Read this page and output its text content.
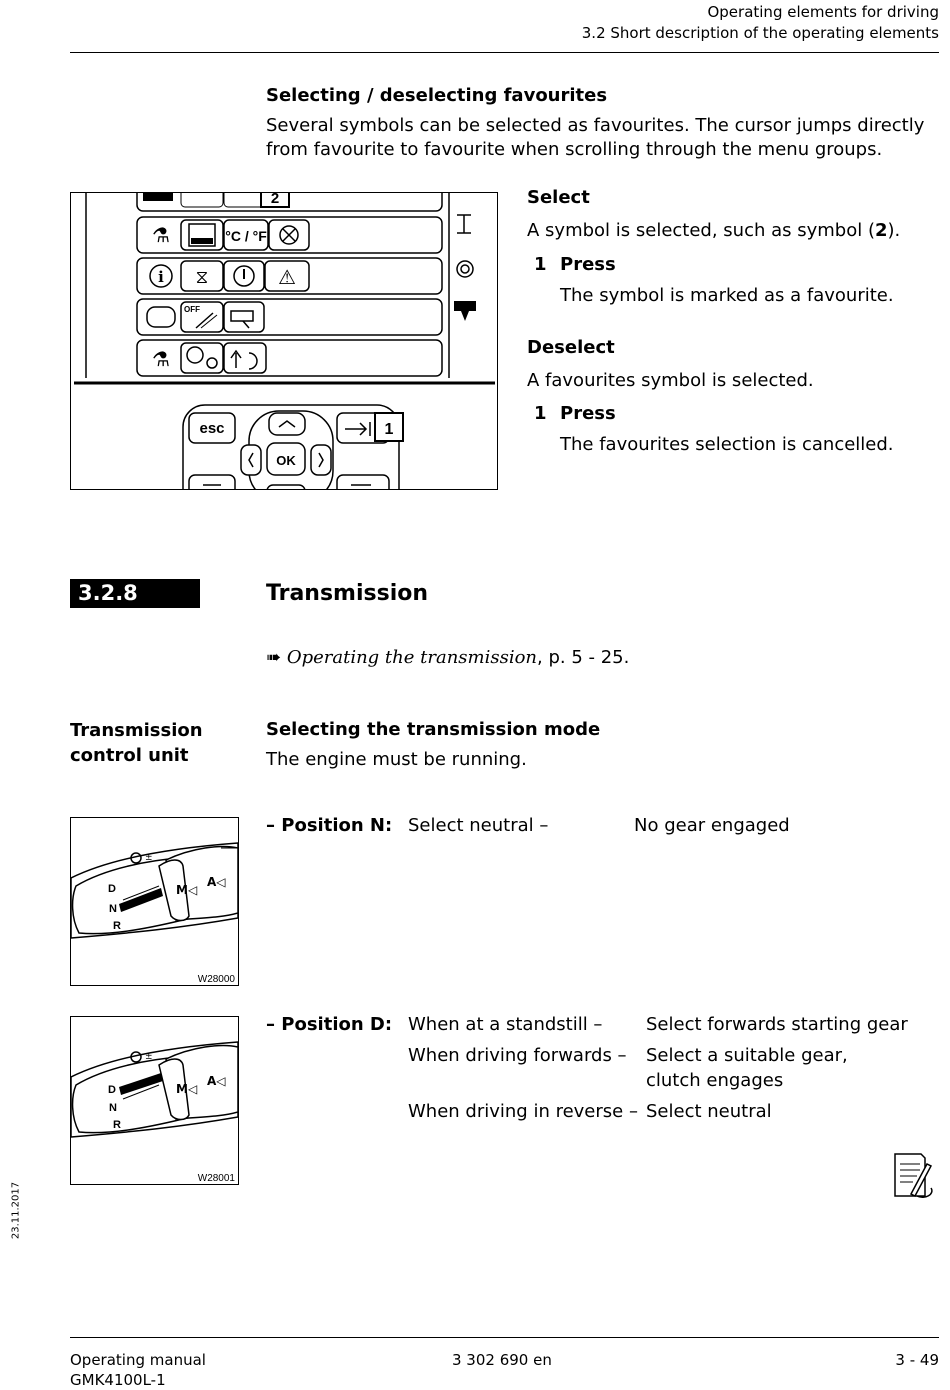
Operating elements for driving
3.2 Short description of the operating elements
Selecting / deselecting favourites
Several symbols can be selected as favourites. The cursor jumps directly from favourite to favourite when scrolling through the menu groups.
2
⚗	°C / °F
i ⧖	⚠
OFF
⚗
esc
OK
1
Select
A symbol is selected, such as symbol (2).
1 Press
The symbol is marked as a favourite.
Deselect
A favourites symbol is selected.
1 Press
The favourites selection is cancelled.
3.2.8	Transmission
➠ Operating the transmission, p. 5 - 25.
Transmission
control unit
Selecting the transmission mode
The engine must be running.
±
D
N
R
M◁
A◁
W28000
– Position N: Select neutral –	No gear engaged
±
D
N
R
M◁
A◁
W28001
– Position D: When at a standstill – Select forwards starting gear
When driving forwards – Select a suitable gear,
clutch engages
When driving in reverse – Select neutral
23.11.2017
Operating manual
GMK4100L-1
3 302 690 en	3 - 49
